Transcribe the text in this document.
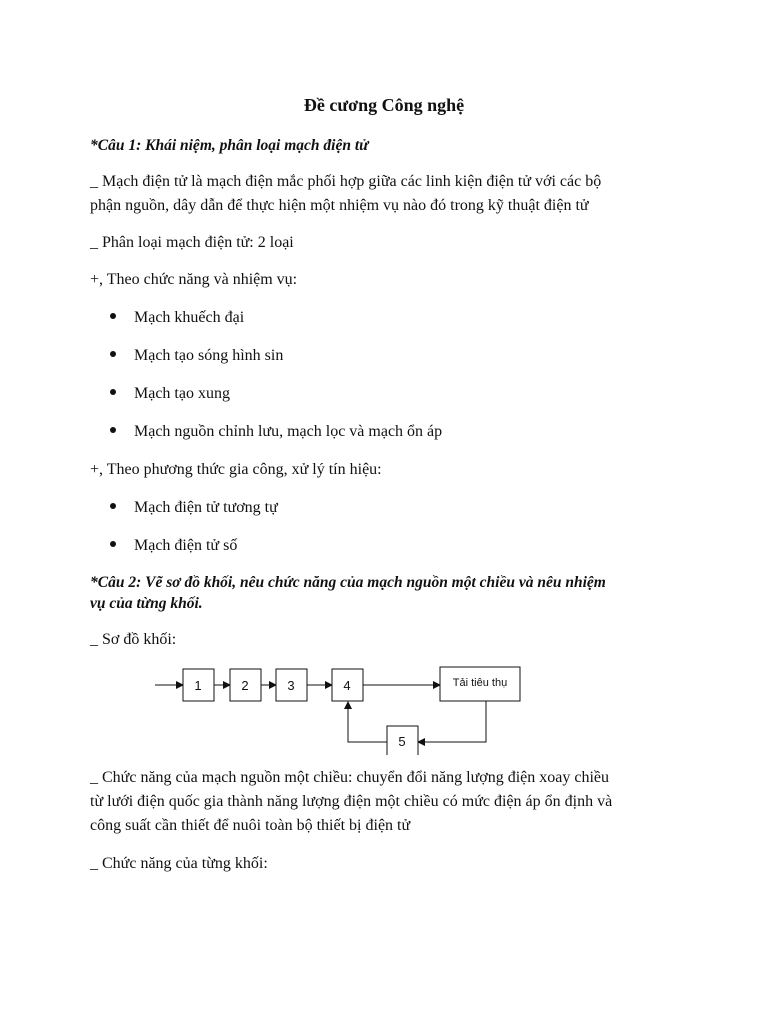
Đề cương Công nghệ
*Câu 1: Khái niệm, phân loại mạch điện tử
_ Mạch điện tử là mạch điện mắc phối hợp giữa các linh kiện điện tử với các bộ
phận nguồn, dây dẫn để thực hiện một nhiệm vụ nào đó trong kỹ thuật điện tử
_ Phân loại mạch điện tử: 2 loại
+, Theo chức năng và nhiệm vụ:
Mạch khuếch đại
Mạch tạo sóng hình sin
Mạch tạo xung
Mạch nguồn chỉnh lưu, mạch lọc và mạch ổn áp
+, Theo phương thức gia công, xử lý tín hiệu:
Mạch điện tử tương tự
Mạch điện tử số
*Câu 2: Vẽ sơ đồ khối, nêu chức năng của mạch nguồn một chiều và nêu nhiệm
vụ của từng khối.
_ Sơ đồ khối:
1	2	3	4
5
Tải tiêu thụ
_ Chức năng của mạch nguồn một chiều: chuyển đổi năng lượng điện xoay chiều
từ lưới điện quốc gia thành năng lượng điện một chiều có mức điện áp ổn định và
công suất cần thiết để nuôi toàn bộ thiết bị điện tử
_ Chức năng của từng khối:
